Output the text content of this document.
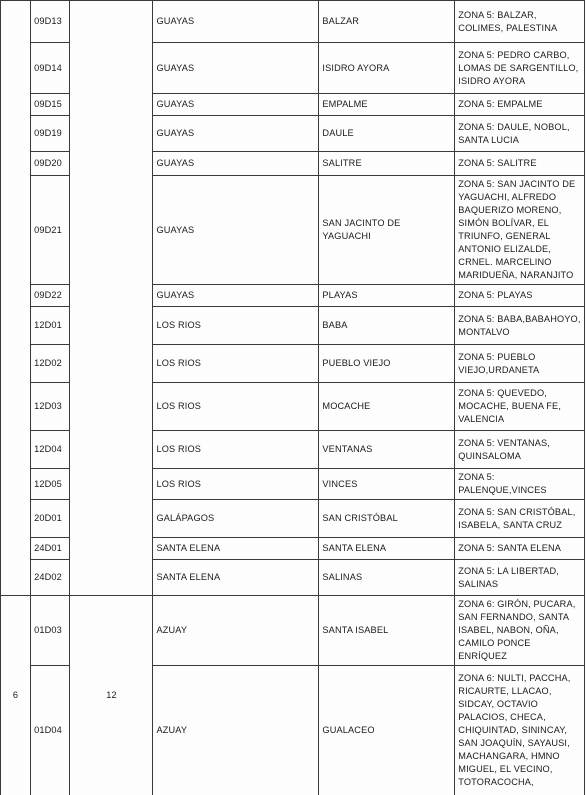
	09D13		GUAYAS	BALZAR	ZONA 5: BALZAR, COLIMES, PALESTINA
	09D14		GUAYAS	ISIDRO AYORA	ZONA 5: PEDRO CARBO, LOMAS DE SARGENTILLO, ISIDRO AYORA
	09D15		GUAYAS	EMPALME	ZONA 5: EMPALME
	09D19		GUAYAS	DAULE	ZONA 5: DAULE, NOBOL, SANTA LUCIA
	09D20		GUAYAS	SALITRE	ZONA 5: SALITRE
	09D21		GUAYAS	SAN JACINTO DE YAGUACHI	ZONA 5: SAN JACINTO DE YAGUACHI, ALFREDO BAQUERIZO MORENO, SIMÓN BOLÍVAR, EL TRIUNFO, GENERAL ANTONIO ELIZALDE, CRNEL. MARCELINO MARIDUEÑA, NARANJITO
	09D22		GUAYAS	PLAYAS	ZONA 5: PLAYAS
	12D01		LOS RIOS	BABA	ZONA 5: BABA,BABAHOYO, MONTALVO
	12D02		LOS RIOS	PUEBLO VIEJO	ZONA 5: PUEBLO VIEJO,URDANETA
	12D03		LOS RIOS	MOCACHE	ZONA 5: QUEVEDO, MOCACHE, BUENA FE, VALENCIA
	12D04		LOS RIOS	VENTANAS	ZONA 5: VENTANAS, QUINSALOMA
	12D05		LOS RIOS	VINCES	ZONA 5: PALENQUE,VINCES
	20D01		GALÁPAGOS	SAN CRISTÓBAL	ZONA 5: SAN CRISTÓBAL, ISABELA, SANTA CRUZ
	24D01		SANTA ELENA	SANTA ELENA	ZONA 5: SANTA ELENA
	24D02		SANTA ELENA	SALINAS	ZONA 5: LA LIBERTAD, SALINAS
6	01D03	12	AZUAY	SANTA ISABEL	ZONA 6: GIRÓN, PUCARA, SAN FERNANDO, SANTA ISABEL, NABON, OÑA, CAMILO PONCE ENRÍQUEZ
	01D04		AZUAY	GUALACEO	ZONA 6: NULTI, PACCHA, RICAURTE, LLACAO, SIDCAY, OCTAVIO PALACIOS, CHECA, CHIQUINTAD, SININCAY, SAN JOAQUÍN, SAYAUSI, MACHANGARA, HMNO MIGUEL, EL VECINO, TOTORACOCHA,
